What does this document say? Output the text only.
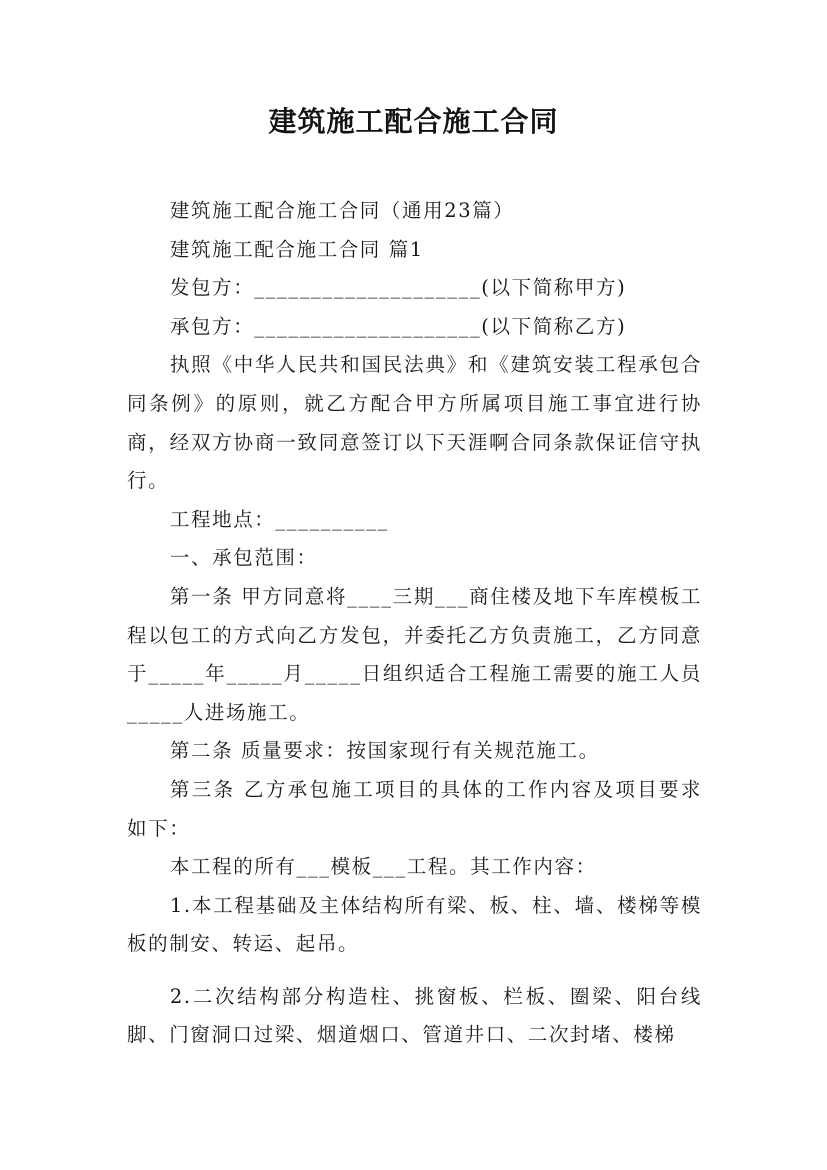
建筑施工配合施工合同

建筑施工配合施工合同（通用23篇）

建筑施工配合施工合同 篇1

发包方：____________________(以下简称甲方)

承包方：____________________(以下简称乙方)

执照《中华人民共和国民法典》和《建筑安装工程承包合同条例》的原则，就乙方配合甲方所属项目施工事宜进行协商，经双方协商一致同意签订以下天涯啊合同条款保证信守执行。

工程地点：__________

一、承包范围：

第一条 甲方同意将____三期___商住楼及地下车库模板工程以包工的方式向乙方发包，并委托乙方负责施工，乙方同意于_____年_____月_____日组织适合工程施工需要的施工人员_____人进场施工。

第二条 质量要求：按国家现行有关规范施工。

第三条 乙方承包施工项目的具体的工作内容及项目要求如下：

本工程的所有___模板___工程。其工作内容：

1.本工程基础及主体结构所有梁、板、柱、墙、楼梯等模板的制安、转运、起吊。

2.二次结构部分构造柱、挑窗板、栏板、圈梁、阳台线脚、门窗洞口过梁、烟道烟口、管道井口、二次封堵、楼梯
